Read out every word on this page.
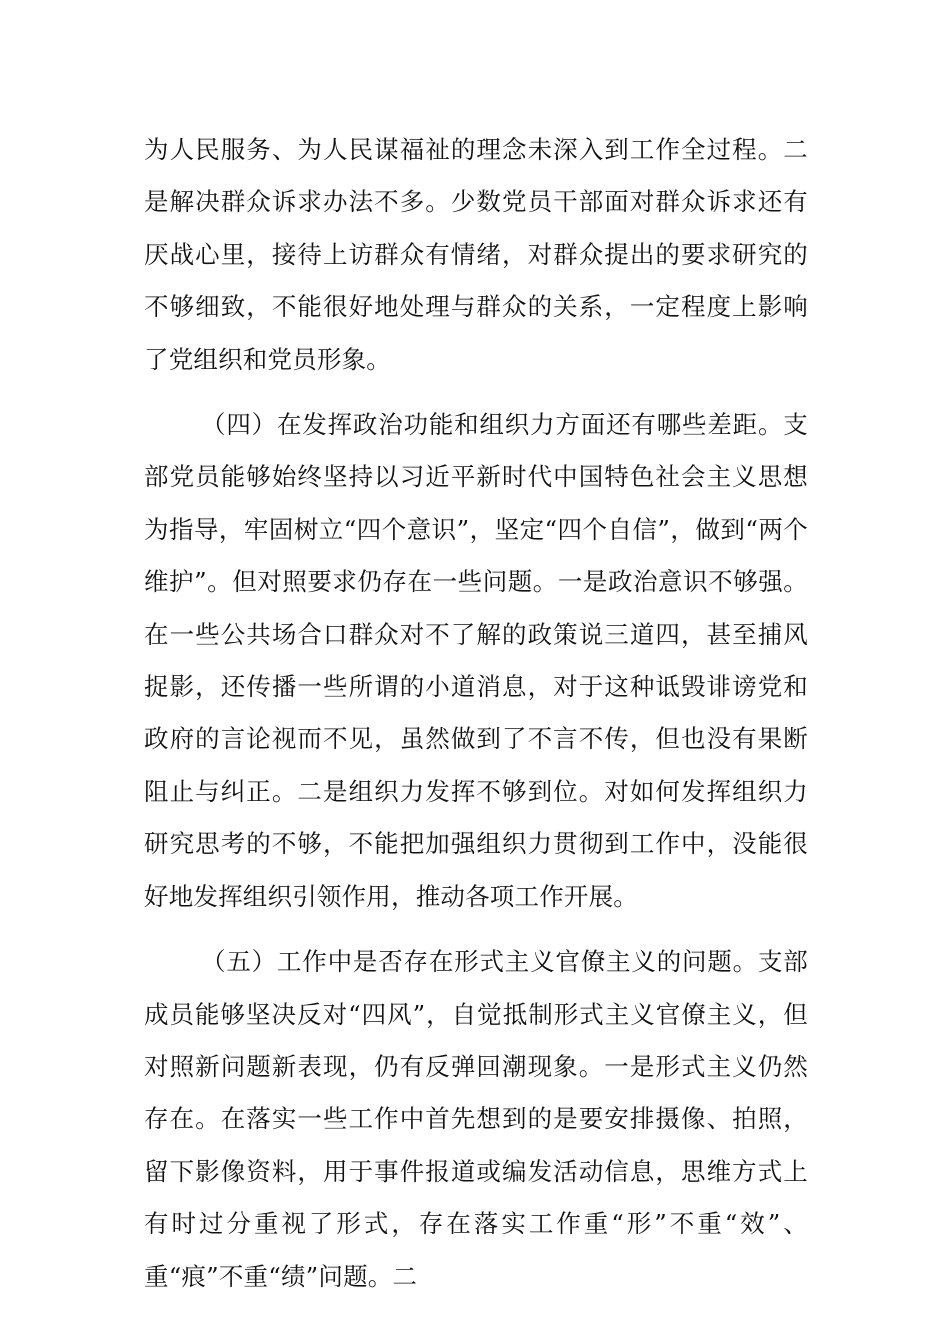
为人民服务、为人民谋福祉的理念未深入到工作全过程。二是解决群众诉求办法不多。少数党员干部面对群众诉求还有厌战心里，接待上访群众有情绪，对群众提出的要求研究的不够细致，不能很好地处理与群众的关系，一定程度上影响了党组织和党员形象。

（四）在发挥政治功能和组织力方面还有哪些差距。支部党员能够始终坚持以习近平新时代中国特色社会主义思想为指导，牢固树立“四个意识”，坚定“四个自信”，做到“两个维护”。但对照要求仍存在一些问题。一是政治意识不够强。在一些公共场合口群众对不了解的政策说三道四，甚至捕风捉影，还传播一些所谓的小道消息，对于这种诋毁诽谤党和政府的言论视而不见，虽然做到了不言不传，但也没有果断阻止与纠正。二是组织力发挥不够到位。对如何发挥组织力研究思考的不够，不能把加强组织力贯彻到工作中，没能很好地发挥组织引领作用，推动各项工作开展。

（五）工作中是否存在形式主义官僚主义的问题。支部成员能够坚决反对“四风”，自觉抵制形式主义官僚主义，但对照新问题新表现，仍有反弹回潮现象。一是形式主义仍然存在。在落实一些工作中首先想到的是要安排摄像、拍照，留下影像资料，用于事件报道或编发活动信息，思维方式上有时过分重视了形式，存在落实工作重“形”不重“效”、重“痕”不重“绩”问题。二
